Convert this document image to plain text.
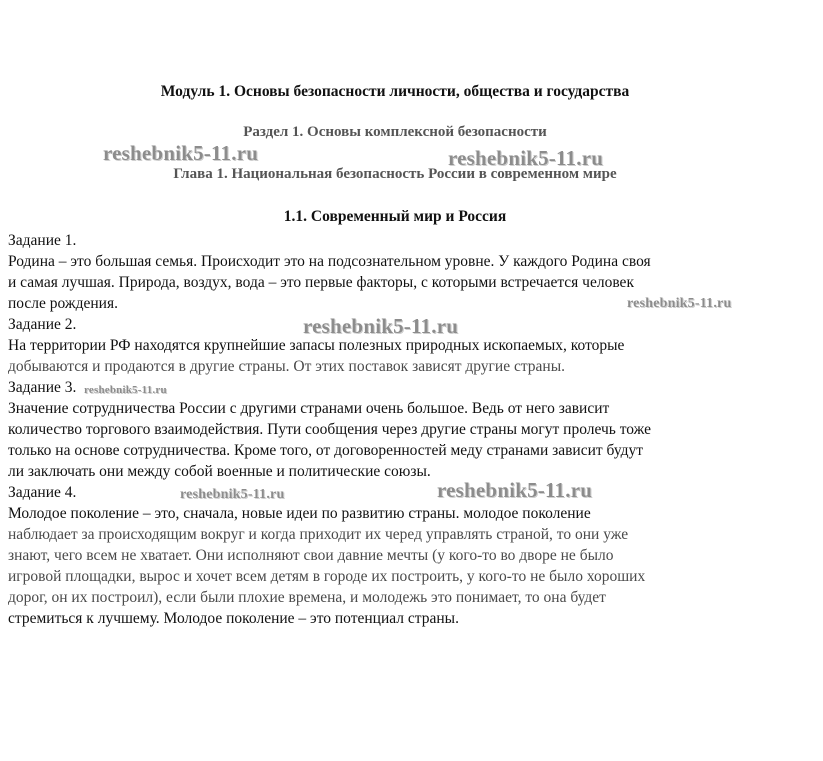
Модуль 1. Основы безопасности личности, общества и государства
Раздел 1. Основы комплексной безопасности
Глава 1. Национальная безопасность России в современном мире
1.1. Современный мир и Россия
Задание 1.
Родина – это большая семья. Происходит это на подсознательном уровне. У каждого Родина своя
и самая лучшая. Природа, воздух, вода – это первые факторы, с которыми встречается человек
после рождения.
Задание 2.
На территории РФ находятся крупнейшие запасы полезных природных ископаемых, которые
добываются и продаются в другие страны. От этих поставок зависят другие страны.
Задание 3.
Значение сотрудничества России с другими странами очень большое. Ведь от него зависит
количество торгового взаимодействия. Пути сообщения через другие страны могут пролечь тоже
только на основе сотрудничества. Кроме того, от договоренностей меду странами зависит будут
ли заключать они между собой военные и политические союзы.
Задание 4.
Молодое поколение – это, сначала, новые идеи по развитию страны. молодое поколение
наблюдает за происходящим вокруг и когда приходит их черед управлять страной, то они уже
знают, чего всем не хватает. Они исполняют свои давние мечты (у кого-то во дворе не было
игровой площадки, вырос и хочет всем детям в городе их построить, у кого-то не было хороших
дорог, он их построил), если были плохие времена, и молодежь это понимает, то она будет
стремиться к лучшему. Молодое поколение – это потенциал страны.
reshebnik5-11.ru	reshebnik5-11.ru
reshebnik5-11.ru
reshebnik5-11.ru
reshebnik5-11.ru
reshebnik5-11.ru	reshebnik5-11.ru
